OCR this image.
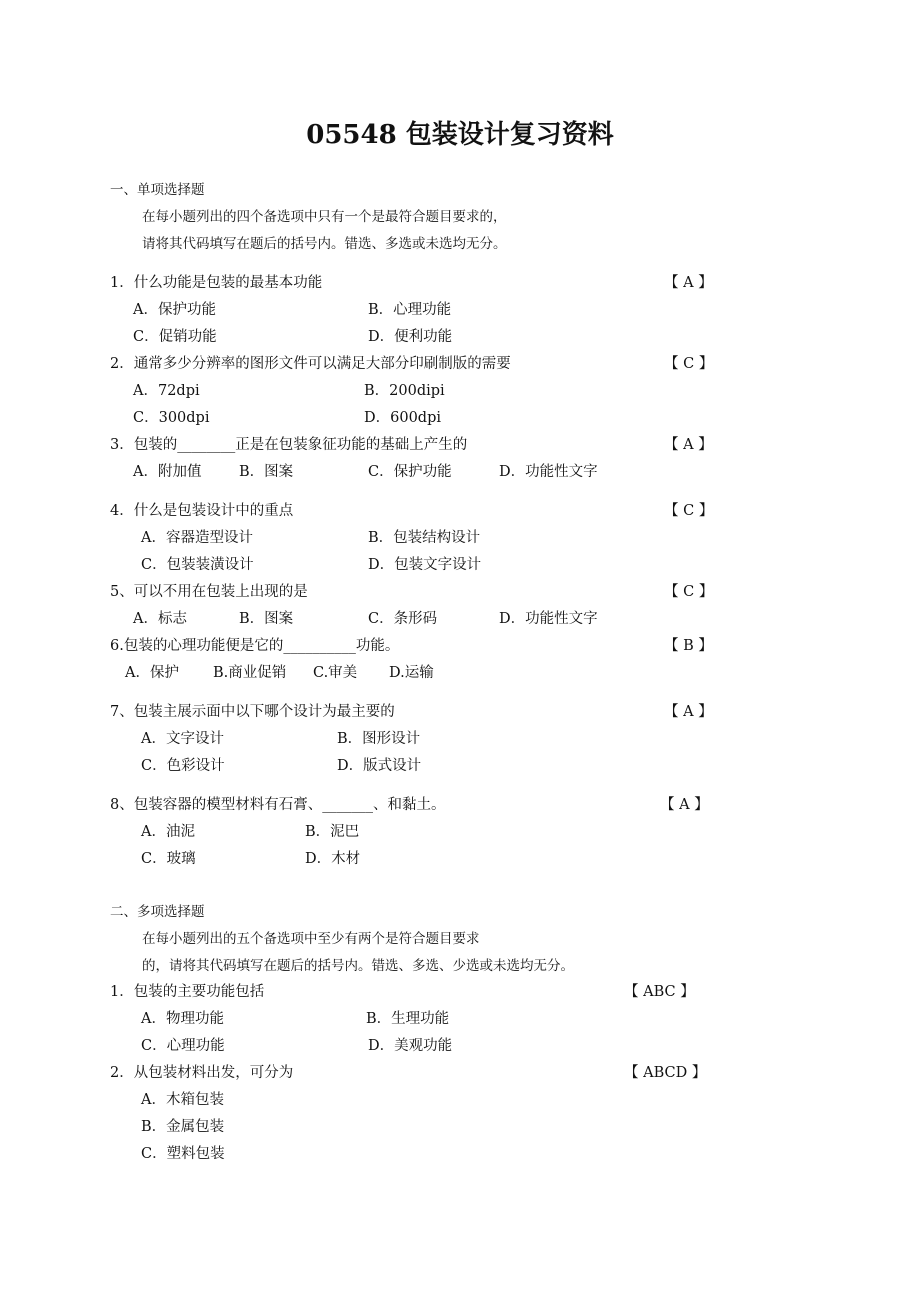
05548 包装设计复习资料
一、单项选择题
在每小题列出的四个备选项中只有一个是最符合题目要求的，
请将其代码填写在题后的括号内。错选、多选或未选均无分。
1．什么功能是包装的最基本功能	【 A 】
A．保护功能	B．心理功能
C．促销功能	D．便利功能
2．通常多少分辨率的图形文件可以满足大部分印刷制版的需要	【 C 】
A．72dpi	B．200dipi
C．300dpi	D．600dpi
3．包装的________正是在包装象征功能的基础上产生的	【 A 】
A．附加值	B．图案	C．保护功能	D．功能性文字
4．什么是包装设计中的重点	【 C 】
A．容器造型设计	B．包装结构设计
C．包装装潢设计	D．包装文字设计
5、可以不用在包装上出现的是	【 C 】
A．标志	B．图案	C．条形码	D．功能性文字
6.包装的心理功能便是它的__________功能。	【 B 】
A．保护 B.商业促销 C.审美 D.运输
7、包装主展示面中以下哪个设计为最主要的	【 A 】
A．文字设计	B．图形设计
C．色彩设计	D．版式设计
8、包装容器的模型材料有石膏、_______、和黏土。	【 A 】
A．油泥	B．泥巴
C．玻璃	D．木材
二、多项选择题
在每小题列出的五个备选项中至少有两个是符合题目要求
的，请将其代码填写在题后的括号内。错选、多选、少选或未选均无分。
1．包装的主要功能包括	【 ABC 】
A．物理功能	B．生理功能
C．心理功能	D．美观功能
2．从包装材料出发，可分为	【 ABCD 】
A．木箱包装
B．金属包装
C．塑料包装
